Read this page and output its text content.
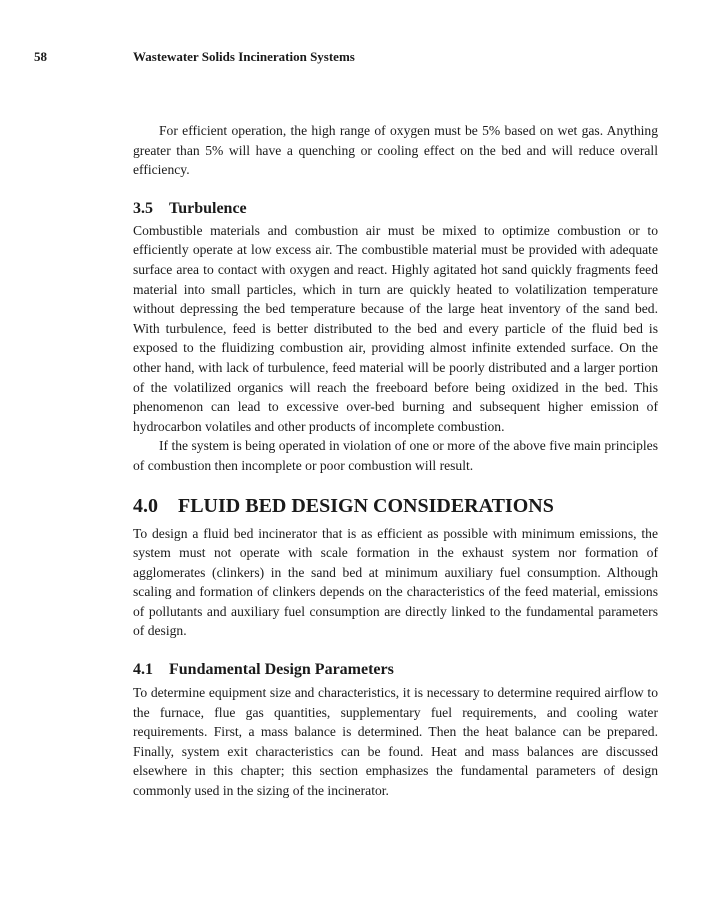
58	Wastewater Solids Incineration Systems

For efficient operation, the high range of oxygen must be 5% based on wet gas. Anything greater than 5% will have a quenching or cooling effect on the bed and will reduce overall efficiency.

3.5 Turbulence

Combustible materials and combustion air must be mixed to optimize combustion or to efficiently operate at low excess air. The combustible material must be provided with adequate surface area to contact with oxygen and react. Highly agitated hot sand quickly fragments feed material into small particles, which in turn are quickly heated to volatilization temperature without depressing the bed temperature because of the large heat inventory of the sand bed. With turbulence, feed is better distributed to the bed and every particle of the fluid bed is exposed to the fluidizing combustion air, providing almost infinite extended surface. On the other hand, with lack of turbulence, feed material will be poorly distributed and a larger portion of the volatilized organics will reach the freeboard before being oxidized in the bed. This phenomenon can lead to excessive over-bed burning and subsequent higher emission of hydrocarbon volatiles and other products of incomplete combustion.

If the system is being operated in violation of one or more of the above five main principles of combustion then incomplete or poor combustion will result.

4.0 FLUID BED DESIGN CONSIDERATIONS

To design a fluid bed incinerator that is as efficient as possible with minimum emissions, the system must not operate with scale formation in the exhaust system nor formation of agglomerates (clinkers) in the sand bed at minimum auxiliary fuel consumption. Although scaling and formation of clinkers depends on the characteristics of the feed material, emissions of pollutants and auxiliary fuel consumption are directly linked to the fundamental parameters of design.

4.1 Fundamental Design Parameters

To determine equipment size and characteristics, it is necessary to determine required airflow to the furnace, flue gas quantities, supplementary fuel requirements, and cooling water requirements. First, a mass balance is determined. Then the heat balance can be prepared. Finally, system exit characteristics can be found. Heat and mass balances are discussed elsewhere in this chapter; this section emphasizes the fundamental parameters of design commonly used in the sizing of the incinerator.
